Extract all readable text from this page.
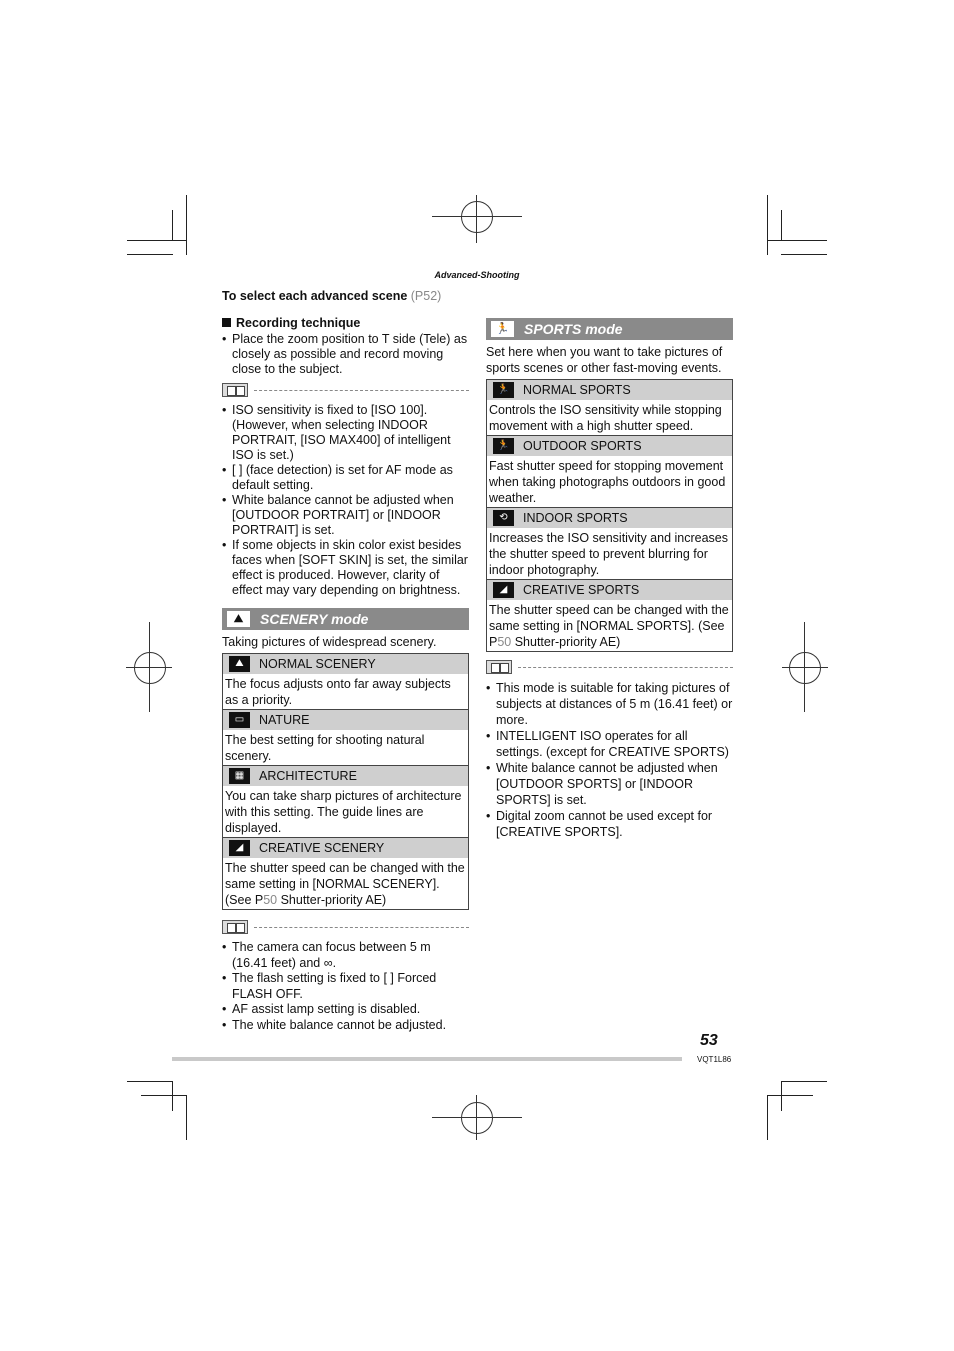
Advanced-Shooting
To select each advanced scene (P52)
Recording technique
• Place the zoom position to T side (Tele) as closely as possible and record moving close to the subject.
• ISO sensitivity is fixed to [ISO 100]. (However, when selecting INDOOR PORTRAIT, [ISO MAX400] of intelligent ISO is set.)
• [ ] (face detection) is set for AF mode as default setting.
• White balance cannot be adjusted when [OUTDOOR PORTRAIT] or [INDOOR PORTRAIT] is set.
• If some objects in skin color exist besides faces when [SOFT SKIN] is set, the similar effect is produced. However, clarity of effect may vary depending on brightness.
⛰	SCENERY mode
Taking pictures of widespread scenery.
⛰	NORMAL SCENERY
The focus adjusts onto far away subjects as a priority.
▭	NATURE
The best setting for shooting natural scenery.
▦	ARCHITECTURE
You can take sharp pictures of architecture with this setting. The guide lines are displayed.
◢	CREATIVE SCENERY
The shutter speed can be changed with the same setting in [NORMAL SCENERY]. (See P50 Shutter-priority AE)
• The camera can focus between 5 m (16.41 feet) and ∞.
• The flash setting is fixed to [ ] Forced FLASH OFF.
• AF assist lamp setting is disabled.
• The white balance cannot be adjusted.
🏃	SPORTS mode
Set here when you want to take pictures of sports scenes or other fast-moving events.
🏃	NORMAL SPORTS
Controls the ISO sensitivity while stopping movement with a high shutter speed.
🏃	OUTDOOR SPORTS
Fast shutter speed for stopping movement when taking photographs outdoors in good weather.
⟲	INDOOR SPORTS
Increases the ISO sensitivity and increases the shutter speed to prevent blurring for indoor photography.
◢	CREATIVE SPORTS
The shutter speed can be changed with the same setting in [NORMAL SPORTS]. (See P50 Shutter-priority AE)
• This mode is suitable for taking pictures of subjects at distances of 5 m (16.41 feet) or more.
• INTELLIGENT ISO operates for all settings. (except for CREATIVE SPORTS)
• White balance cannot be adjusted when [OUTDOOR SPORTS] or [INDOOR SPORTS] is set.
• Digital zoom cannot be used except for [CREATIVE SPORTS].
53
VQT1L86
